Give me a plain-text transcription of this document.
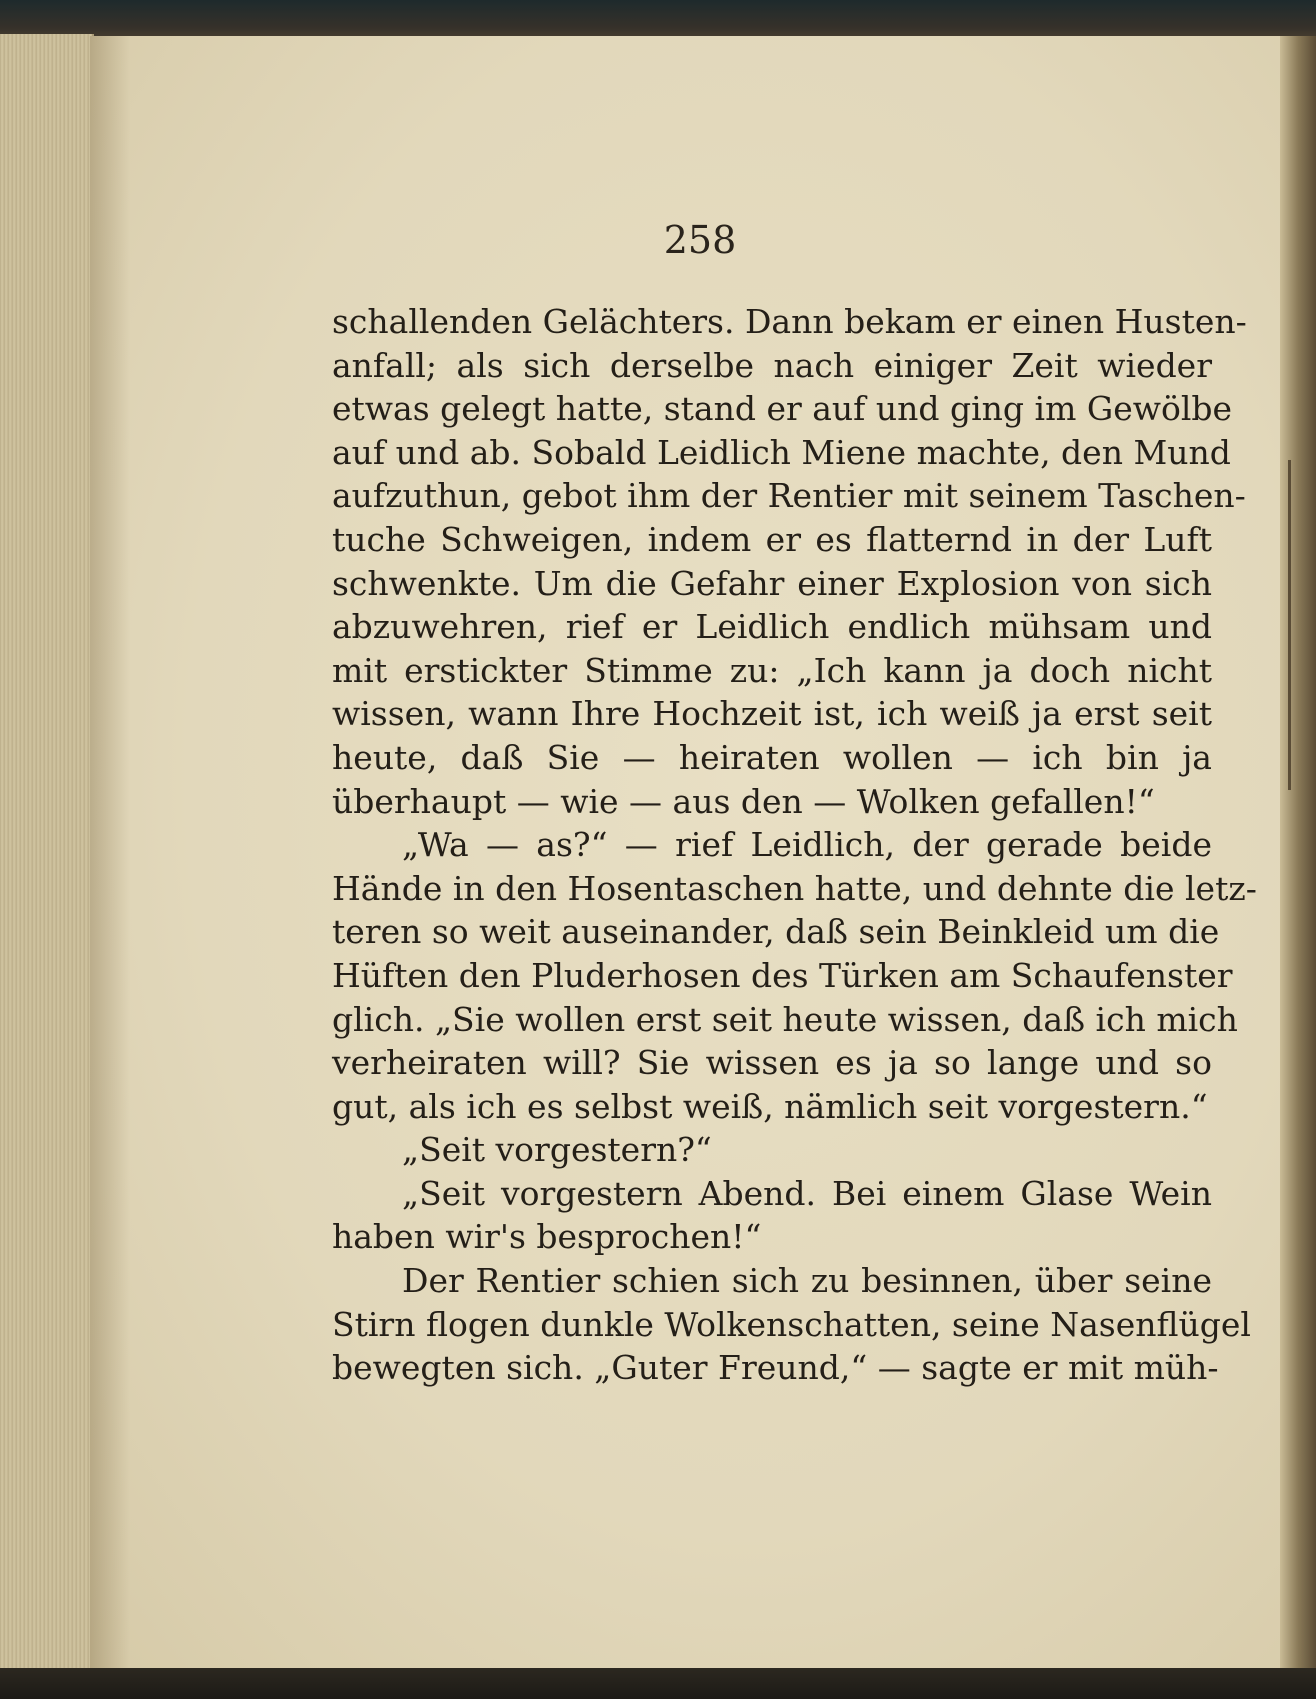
258
schallenden Gelächters. Dann bekam er einen Husten-
anfall; als sich derselbe nach einiger Zeit wieder
etwas gelegt hatte, stand er auf und ging im Gewölbe
auf und ab. Sobald Leidlich Miene machte, den Mund
aufzuthun, gebot ihm der Rentier mit seinem Taschen-
tuche Schweigen, indem er es flatternd in der Luft
schwenkte. Um die Gefahr einer Explosion von sich
abzuwehren, rief er Leidlich endlich mühsam und
mit erstickter Stimme zu: „Ich kann ja doch nicht
wissen, wann Ihre Hochzeit ist, ich weiß ja erst seit
heute, daß Sie — heiraten wollen — ich bin ja
überhaupt — wie — aus den — Wolken gefallen!“
„Wa — as?“ — rief Leidlich, der gerade beide
Hände in den Hosentaschen hatte, und dehnte die letz-
teren so weit auseinander, daß sein Beinkleid um die
Hüften den Pluderhosen des Türken am Schaufenster
glich. „Sie wollen erst seit heute wissen, daß ich mich
verheiraten will? Sie wissen es ja so lange und so
gut, als ich es selbst weiß, nämlich seit vorgestern.“
„Seit vorgestern?“
„Seit vorgestern Abend. Bei einem Glase Wein
haben wir's besprochen!“
Der Rentier schien sich zu besinnen, über seine
Stirn flogen dunkle Wolkenschatten, seine Nasenflügel
bewegten sich. „Guter Freund,“ — sagte er mit müh-
